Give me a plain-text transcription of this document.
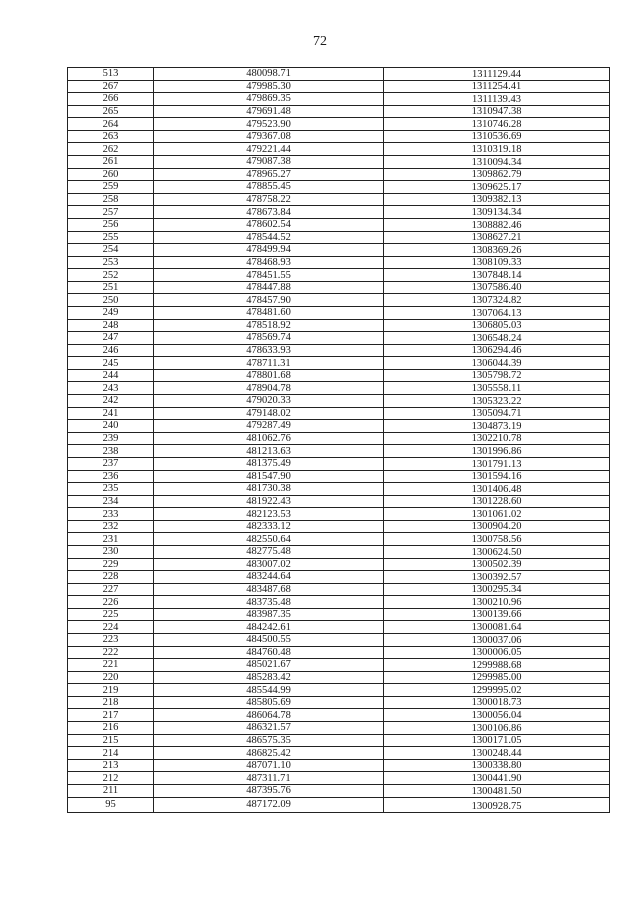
72
513	480098.71	1311129.44
267	479985.30	1311254.41
266	479869.35	1311139.43
265	479691.48	1310947.38
264	479523.90	1310746.28
263	479367.08	1310536.69
262	479221.44	1310319.18
261	479087.38	1310094.34
260	478965.27	1309862.79
259	478855.45	1309625.17
258	478758.22	1309382.13
257	478673.84	1309134.34
256	478602.54	1308882.46
255	478544.52	1308627.21
254	478499.94	1308369.26
253	478468.93	1308109.33
252	478451.55	1307848.14
251	478447.88	1307586.40
250	478457.90	1307324.82
249	478481.60	1307064.13
248	478518.92	1306805.03
247	478569.74	1306548.24
246	478633.93	1306294.46
245	478711.31	1306044.39
244	478801.68	1305798.72
243	478904.78	1305558.11
242	479020.33	1305323.22
241	479148.02	1305094.71
240	479287.49	1304873.19
239	481062.76	1302210.78
238	481213.63	1301996.86
237	481375.49	1301791.13
236	481547.90	1301594.16
235	481730.38	1301406.48
234	481922.43	1301228.60
233	482123.53	1301061.02
232	482333.12	1300904.20
231	482550.64	1300758.56
230	482775.48	1300624.50
229	483007.02	1300502.39
228	483244.64	1300392.57
227	483487.68	1300295.34
226	483735.48	1300210.96
225	483987.35	1300139.66
224	484242.61	1300081.64
223	484500.55	1300037.06
222	484760.48	1300006.05
221	485021.67	1299988.68
220	485283.42	1299985.00
219	485544.99	1299995.02
218	485805.69	1300018.73
217	486064.78	1300056.04
216	486321.57	1300106.86
215	486575.35	1300171.05
214	486825.42	1300248.44
213	487071.10	1300338.80
212	487311.71	1300441.90
211	487395.76	1300481.50
95	487172.09	1300928.75
